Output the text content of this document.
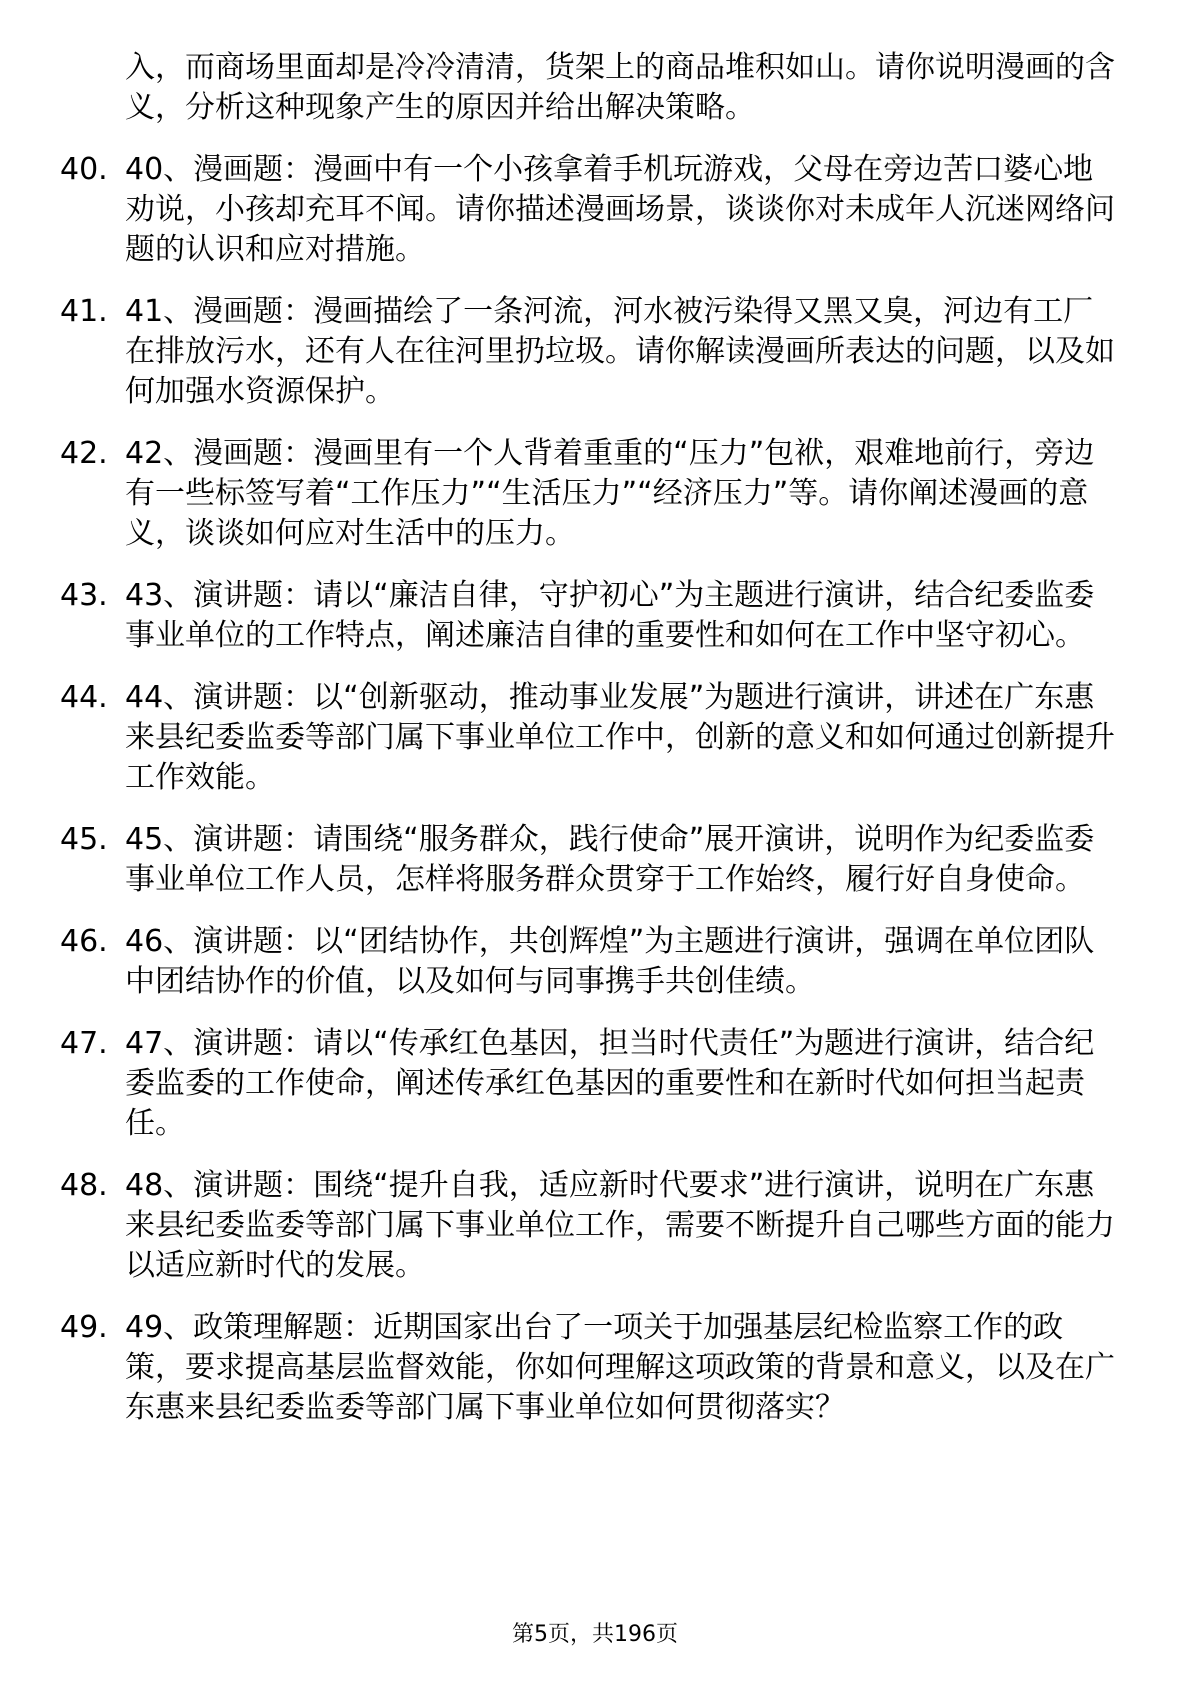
入，而商场里面却是冷冷清清，货架上的商品堆积如山。请你说明漫画的含义，分析这种现象产生的原因并给出解决策略。

40. 40、漫画题：漫画中有一个小孩拿着手机玩游戏，父母在旁边苦口婆心地劝说，小孩却充耳不闻。请你描述漫画场景，谈谈你对未成年人沉迷网络问题的认识和应对措施。
41. 41、漫画题：漫画描绘了一条河流，河水被污染得又黑又臭，河边有工厂在排放污水，还有人在往河里扔垃圾。请你解读漫画所表达的问题，以及如何加强水资源保护。
42. 42、漫画题：漫画里有一个人背着重重的“压力”包袱，艰难地前行，旁边有一些标签写着“工作压力”“生活压力”“经济压力”等。请你阐述漫画的意义，谈谈如何应对生活中的压力。
43. 43、演讲题：请以“廉洁自律，守护初心”为主题进行演讲，结合纪委监委事业单位的工作特点，阐述廉洁自律的重要性和如何在工作中坚守初心。
44. 44、演讲题：以“创新驱动，推动事业发展”为题进行演讲，讲述在广东惠来县纪委监委等部门属下事业单位工作中，创新的意义和如何通过创新提升工作效能。
45. 45、演讲题：请围绕“服务群众，践行使命”展开演讲，说明作为纪委监委事业单位工作人员，怎样将服务群众贯穿于工作始终，履行好自身使命。
46. 46、演讲题：以“团结协作，共创辉煌”为主题进行演讲，强调在单位团队中团结协作的价值，以及如何与同事携手共创佳绩。
47. 47、演讲题：请以“传承红色基因，担当时代责任”为题进行演讲，结合纪委监委的工作使命，阐述传承红色基因的重要性和在新时代如何担当起责任。
48. 48、演讲题：围绕“提升自我，适应新时代要求”进行演讲，说明在广东惠来县纪委监委等部门属下事业单位工作，需要不断提升自己哪些方面的能力以适应新时代的发展。
49. 49、政策理解题：近期国家出台了一项关于加强基层纪检监察工作的政策，要求提高基层监督效能，你如何理解这项政策的背景和意义，以及在广东惠来县纪委监委等部门属下事业单位如何贯彻落实？
第5页，共196页
